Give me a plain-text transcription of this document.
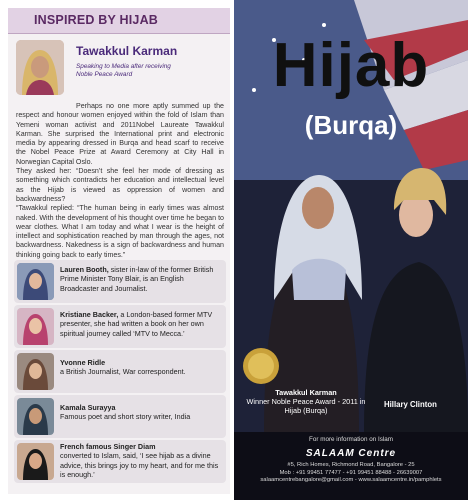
INSPIRED BY HIJAB
Tawakkul Karman
Speaking to Media after receiving Noble Peace Award

Perhaps no one more aptly summed up the respect and honour women enjoyed within the fold of Islam than Yemeni woman activist and 2011Nobel Laureate Tawakkul Karman. She surprised the International print and electronic media by appearing dressed in Burqa and head scarf to receive the Nobel Peace Prize at Award Ceremony at City Hall in Norwegian Capital Oslo.

They asked her: “Doesn’t she feel her mode of dressing as something which contradicts her education and intellectual level as the Hijab is viewed as oppression of women and backwardness?

“Tawakkul replied: “The human being in early times was almost naked. With the development of his thought over time he began to wear clothes. What I am today and what I wear is the height of intellect and sophistication reached by man through the ages, not backwardness. Nakedness is a sign of backwardness and human thinking going back to early times.”

Lauren Booth, sister in-law of the former British Prime Minister Tony Blair, is an English Broadcaster and Journalist.
Kristiane Backer, a London-based former MTV presenter, she had written a book on her own spiritual journey called ‘MTV to Mecca.’
Yvonne Ridle
a British Journalist, War correspondent.
Kamala Surayya
Famous poet and short story writer, India
French famous Singer Diam
converted to Islam, said, ‘I see hijab as a divine advice, this brings joy to my heart, and for me this is enough.’
Hijab
(Burqa)
Tawakkul Karman
Winner Noble Peace Award - 2011 in Hijab (Burqa)
Hillary Clinton
For more information on Islam
SALAAM Centre
#5, Rich Homes, Richmond Road, Bangalore - 25
Mob : +91 99451 77477 - +91 99451 88488 - 26639007
salaamcentrebangalore@gmail.com - www.salaamcentre.in/pamphlets
